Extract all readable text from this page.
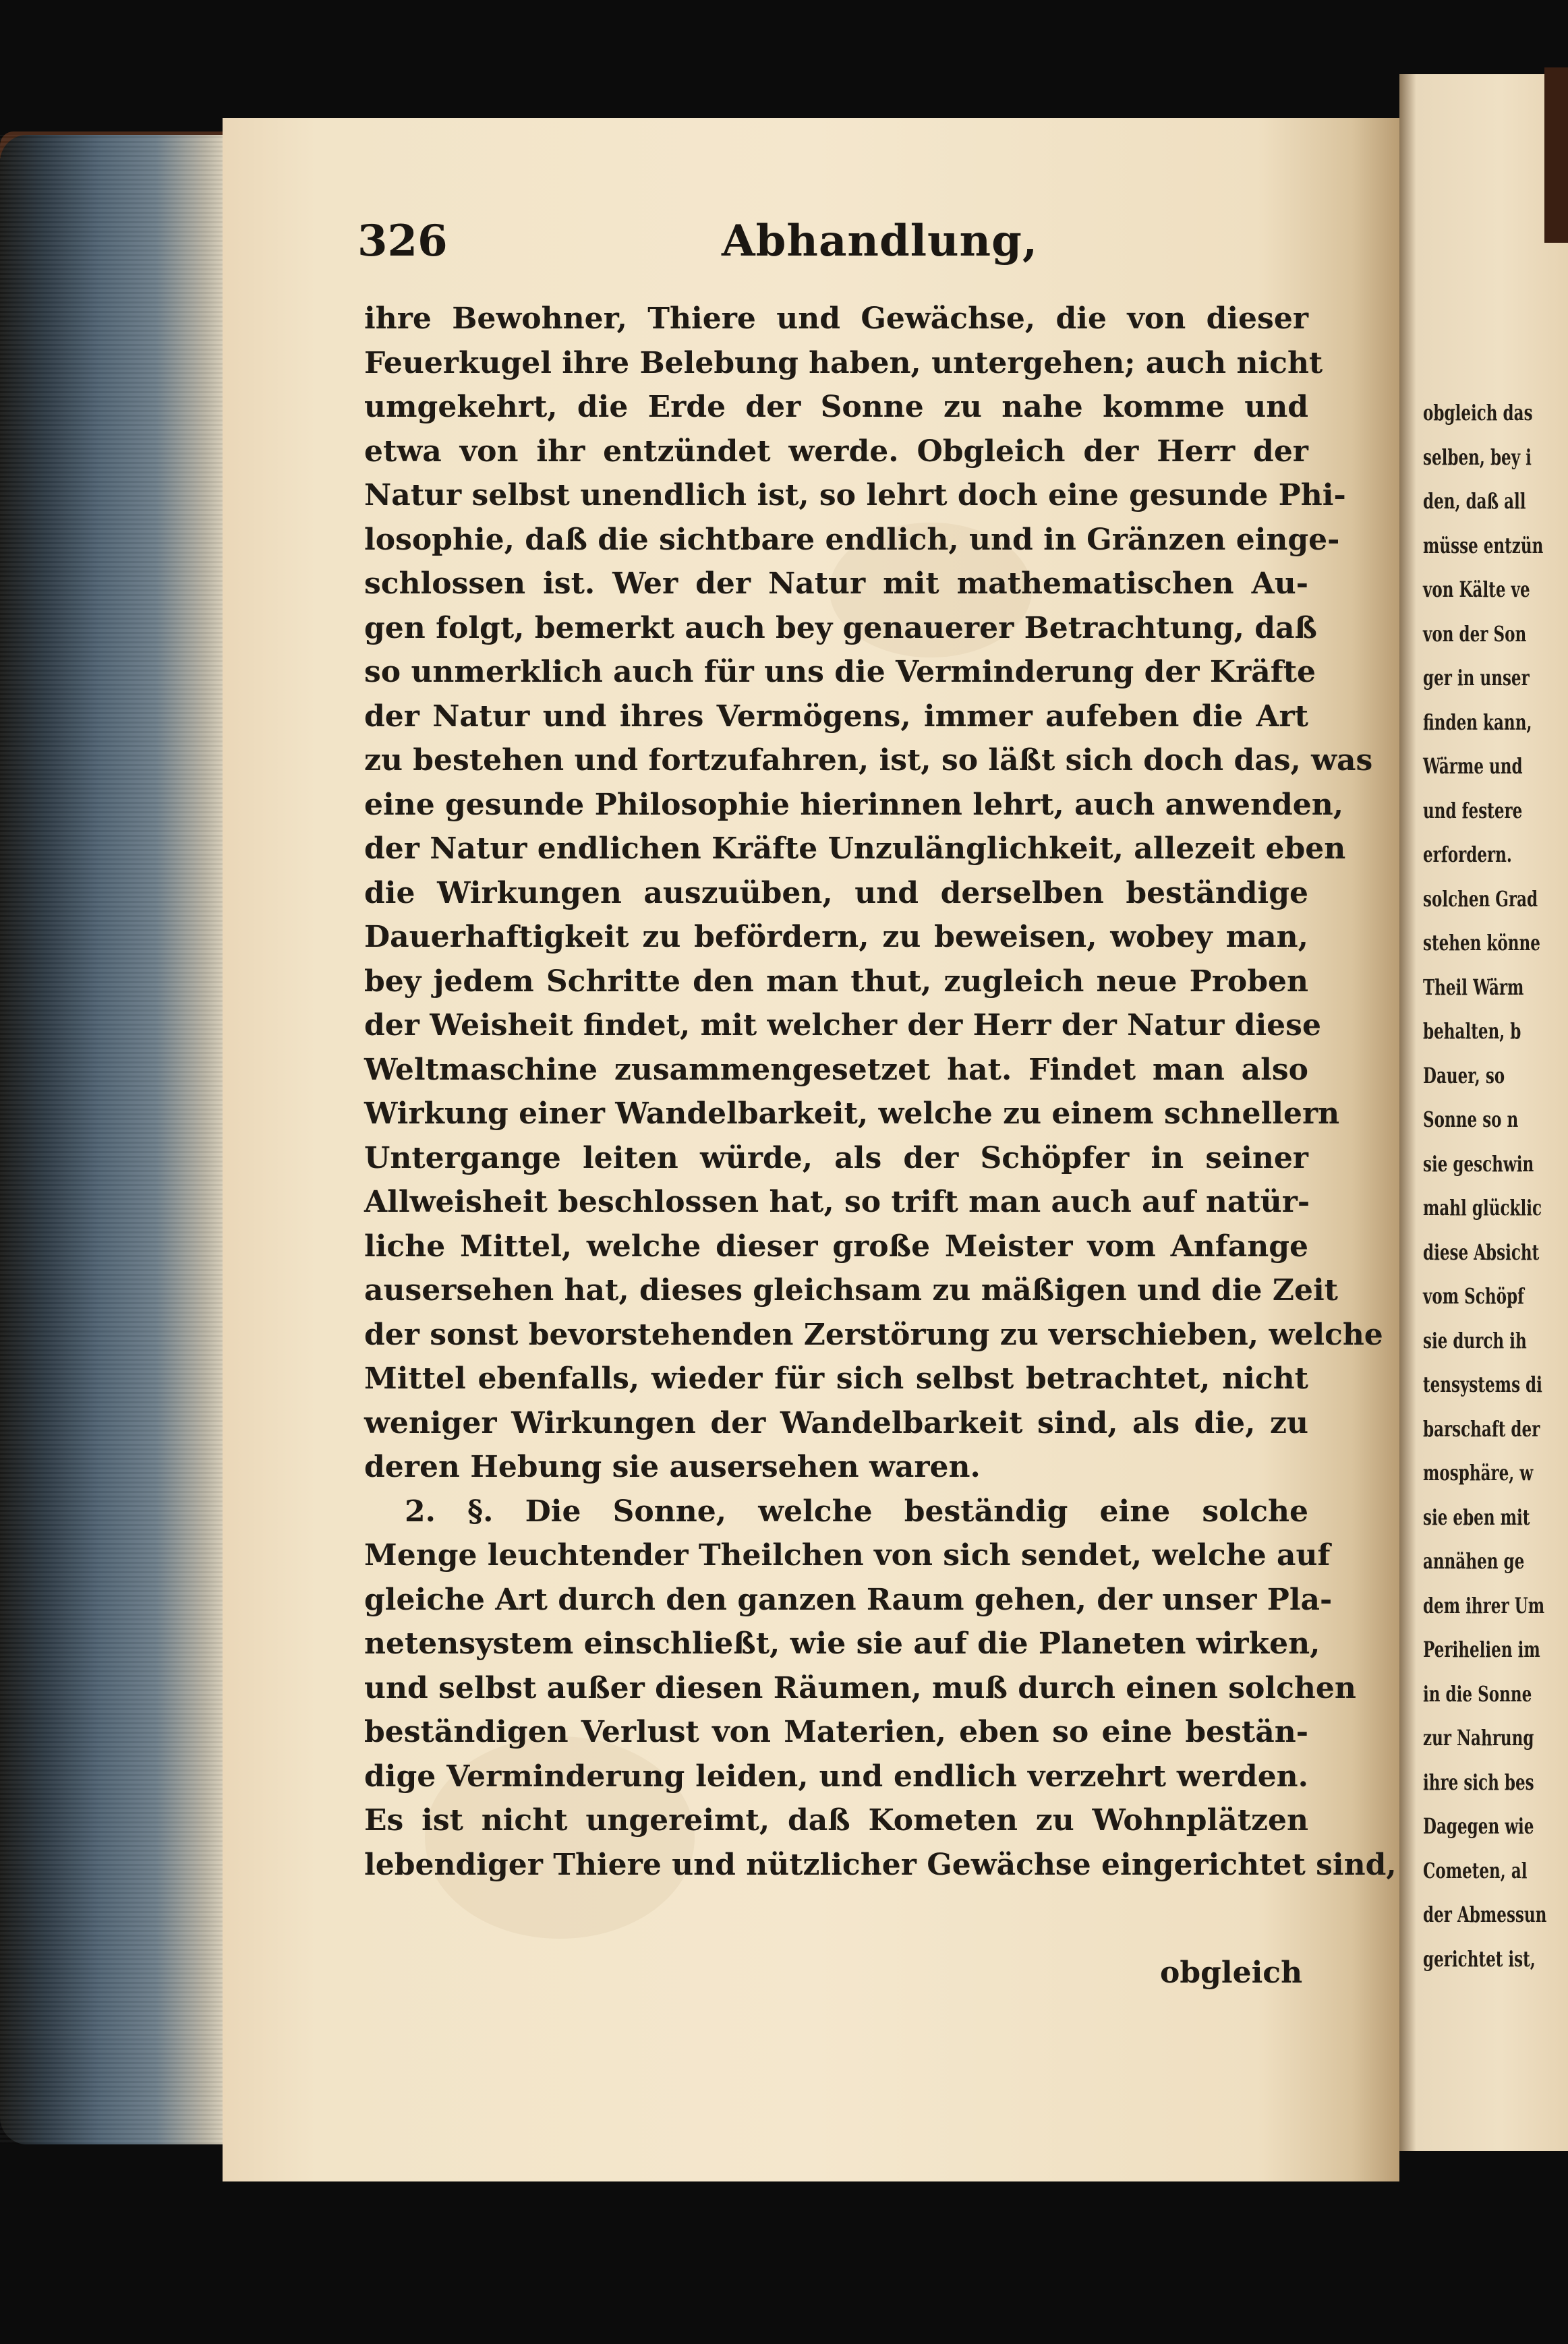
obgleich das
selben, bey i
den, daß all
müsse entzün
von Kälte ve
von der Son
ger in unser
finden kann,
Wärme und
und festere
erfordern.
solchen Grad
stehen könne
Theil Wärm
behalten, b
Dauer, so
Sonne so n
sie geschwin
mahl glücklic
diese Absicht
vom Schöpf
sie durch ih
tensystems di
barschaft der
mosphäre, w
sie eben mit
annähen ge
dem ihrer Um
Perihelien im
in die Sonne
zur Nahrung
ihre sich bes
Dagegen wie
Cometen, al
der Abmessun
gerichtet ist,
326	Abhandlung,
ihre Bewohner, Thiere und Gewächse, die von dieser
Feuerkugel ihre Belebung haben, untergehen; auch nicht
umgekehrt, die Erde der Sonne zu nahe komme und
etwa von ihr entzündet werde. Obgleich der Herr der
Natur selbst unendlich ist, so lehrt doch eine gesunde Phi-
losophie, daß die sichtbare endlich, und in Gränzen einge-
schlossen ist. Wer der Natur mit mathematischen Au-
gen folgt, bemerkt auch bey genauerer Betrachtung, daß
so unmerklich auch für uns die Verminderung der Kräfte
der Natur und ihres Vermögens, immer aufeben die Art
zu bestehen und fortzufahren, ist, so läßt sich doch das, was
eine gesunde Philosophie hierinnen lehrt, auch anwenden,
der Natur endlichen Kräfte Unzulänglichkeit, allezeit eben
die Wirkungen auszuüben, und derselben beständige
Dauerhaftigkeit zu befördern, zu beweisen, wobey man,
bey jedem Schritte den man thut, zugleich neue Proben
der Weisheit findet, mit welcher der Herr der Natur diese
Weltmaschine zusammengesetzet hat. Findet man also
Wirkung einer Wandelbarkeit, welche zu einem schnellern
Untergange leiten würde, als der Schöpfer in seiner
Allweisheit beschlossen hat, so trift man auch auf natür-
liche Mittel, welche dieser große Meister vom Anfange
ausersehen hat, dieses gleichsam zu mäßigen und die Zeit
der sonst bevorstehenden Zerstörung zu verschieben, welche
Mittel ebenfalls, wieder für sich selbst betrachtet, nicht
weniger Wirkungen der Wandelbarkeit sind, als die, zu
deren Hebung sie ausersehen waren.
2. §. Die Sonne, welche beständig eine solche
Menge leuchtender Theilchen von sich sendet, welche auf
gleiche Art durch den ganzen Raum gehen, der unser Pla-
netensystem einschließt, wie sie auf die Planeten wirken,
und selbst außer diesen Räumen, muß durch einen solchen
beständigen Verlust von Materien, eben so eine bestän-
dige Verminderung leiden, und endlich verzehrt werden.
Es ist nicht ungereimt, daß Kometen zu Wohnplätzen
lebendiger Thiere und nützlicher Gewächse eingerichtet sind,
obgleich
